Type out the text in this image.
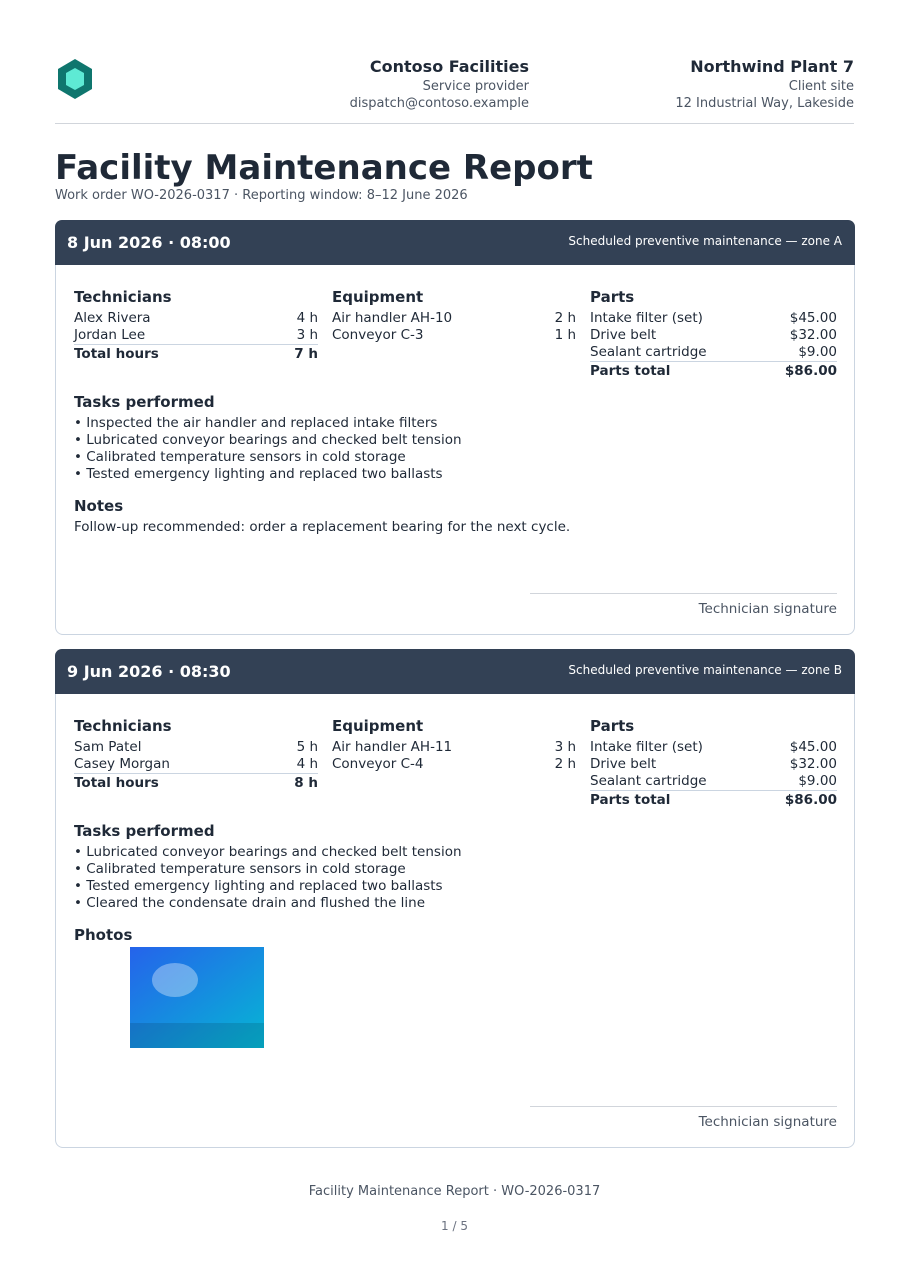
Contoso Facilities
Service provider
dispatch@contoso.example
Northwind Plant 7
Client site
12 Industrial Way, Lakeside
Facility Maintenance Report
Work order WO-2026-0317 · Reporting window: 8–12 June 2026
8 Jun 2026 · 08:00	Scheduled preventive maintenance — zone A
Technicians
Alex Rivera	4 h
Jordan Lee	3 h
Total hours	7 h
Equipment
Air handler AH-10	2 h
Conveyor C-3	1 h
Parts
Intake filter (set)	$45.00
Drive belt	$32.00
Sealant cartridge	$9.00
Parts total	$86.00
Tasks performed
• Inspected the air handler and replaced intake filters
• Lubricated conveyor bearings and checked belt tension
• Calibrated temperature sensors in cold storage
• Tested emergency lighting and replaced two ballasts
Notes
Follow-up recommended: order a replacement bearing for the next cycle.
Technician signature
9 Jun 2026 · 08:30	Scheduled preventive maintenance — zone B
Technicians
Sam Patel	5 h
Casey Morgan	4 h
Total hours	8 h
Equipment
Air handler AH-11	3 h
Conveyor C-4	2 h
Parts
Intake filter (set)	$45.00
Drive belt	$32.00
Sealant cartridge	$9.00
Parts total	$86.00
Tasks performed
• Lubricated conveyor bearings and checked belt tension
• Calibrated temperature sensors in cold storage
• Tested emergency lighting and replaced two ballasts
• Cleared the condensate drain and flushed the line
Photos
Technician signature
Facility Maintenance Report · WO-2026-0317
1 / 5
